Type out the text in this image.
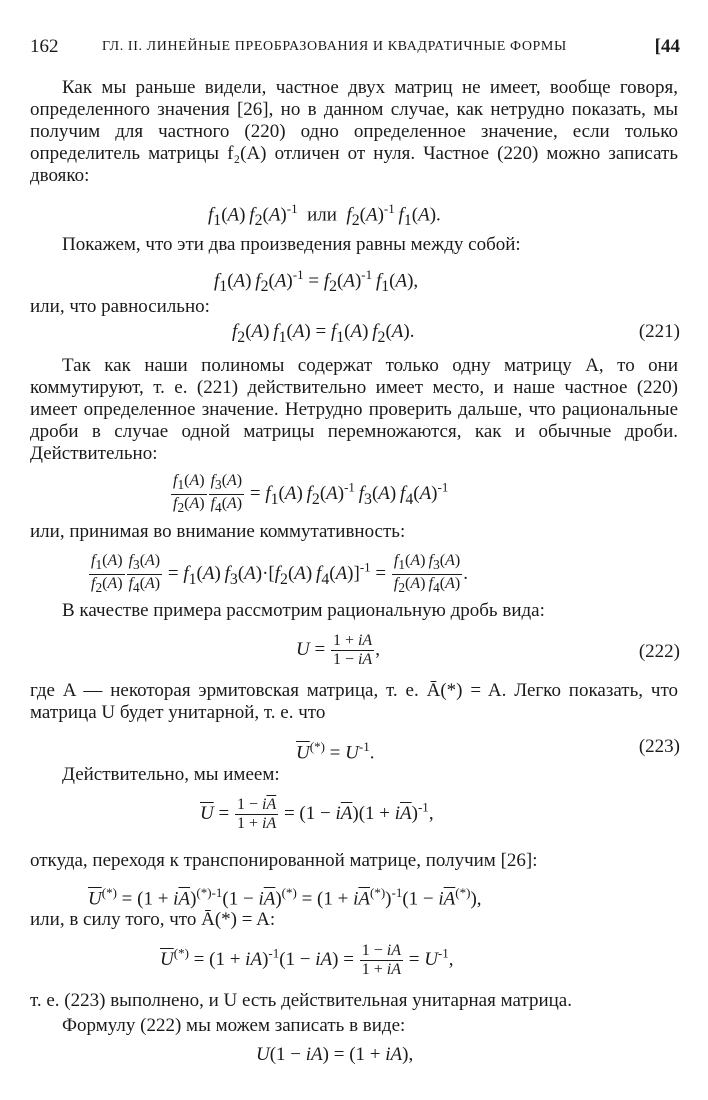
162	ГЛ. II. ЛИНЕЙНЫЕ ПРЕОБРАЗОВАНИЯ И КВАДРАТИЧНЫЕ ФОРМЫ	[44
Как мы раньше видели, частное двух матриц не имеет, вообще говоря, определенного значения [26], но в данном случае, как нетрудно показать, мы получим для частного (220) одно определенное значение, если только определитель матрицы f₂(A) отличен от нуля. Частное (220) можно записать двояко:
$f_1(A)$ $f_2(A)^{-1}$  или  $f_2(A)^{-1}$  $f_1(A)$.
Покажем, что эти два произведения равны между собой:
$f_1(A) f_2(A)^{-1} = f_2(A)^{-1}$  $f_1(A)$,
или, что равносильно:
$f_2(A) f_1(A) = f_1(A)$ $f_2(A)$.	(221)
Так как наши полиномы содержат только одну матрицу A, то они коммутируют, т. е. (221) действительно имеет место, и наше частное (220) имеет определенное значение. Нетрудно проверить дальше, что рациональные дроби в случае одной матрицы перемножаются, как и обычные дроби. Действительно:
$\frac{f_1(A)}{f_2(A)} \frac{f_3(A)}{f_4(A)} = f_1(A)$ $f_2(A)^{-1}$  $f_3(A)$ $f_4(A)^{-1}$
или, принимая во внимание коммутативность:
$\frac{f_1(A)}{f_2(A)} \frac{f_3(A)}{f_4(A)} = f_1(A)$ $f_3(A)\cdot[f_2(A) f_4(A)]^{-1} = \frac{f_1(A) f_3(A)}{f_2(A) f_4(A)}$ .
В качестве примера рассмотрим рациональную дробь вида:
$U = \frac{1 + iA}{1 - iA}$ ,	(222)
где A — некоторая эрмитовская матрица, т. е. Ā(*) = A. Легко показать, что матрица U будет унитарной, т. е. что
$\overline{U}^{(*)} = U^{-1}$.	(223)
Действительно, мы имеем:
$\overline{U} = \frac{1 - i\overline{A}}{1 + i\overline{A}} = (1 - i\overline{A})(1 + i\overline{A})^{-1}$,
откуда, переходя к транспонированной матрице, получим [26]:
$\overline{U}^{(*)} = (1 + i\overline{A})^{(*)-1}(1 - i\overline{A})^{(*)} = (1 + i\overline{A}^{(*)})^{-1}(1 - i\overline{A}^{(*)})$,
или, в силу того, что Ā(*) = A:
$\overline{U}^{(*)} = (1 + iA)^{-1}(1 - iA) = \frac{1 - iA}{1 + iA} = U^{-1}$,
т. е. (223) выполнено, и U есть действительная унитарная матрица.
Формулу (222) мы можем записать в виде:
U(1 − iA) = (1 + iA),
